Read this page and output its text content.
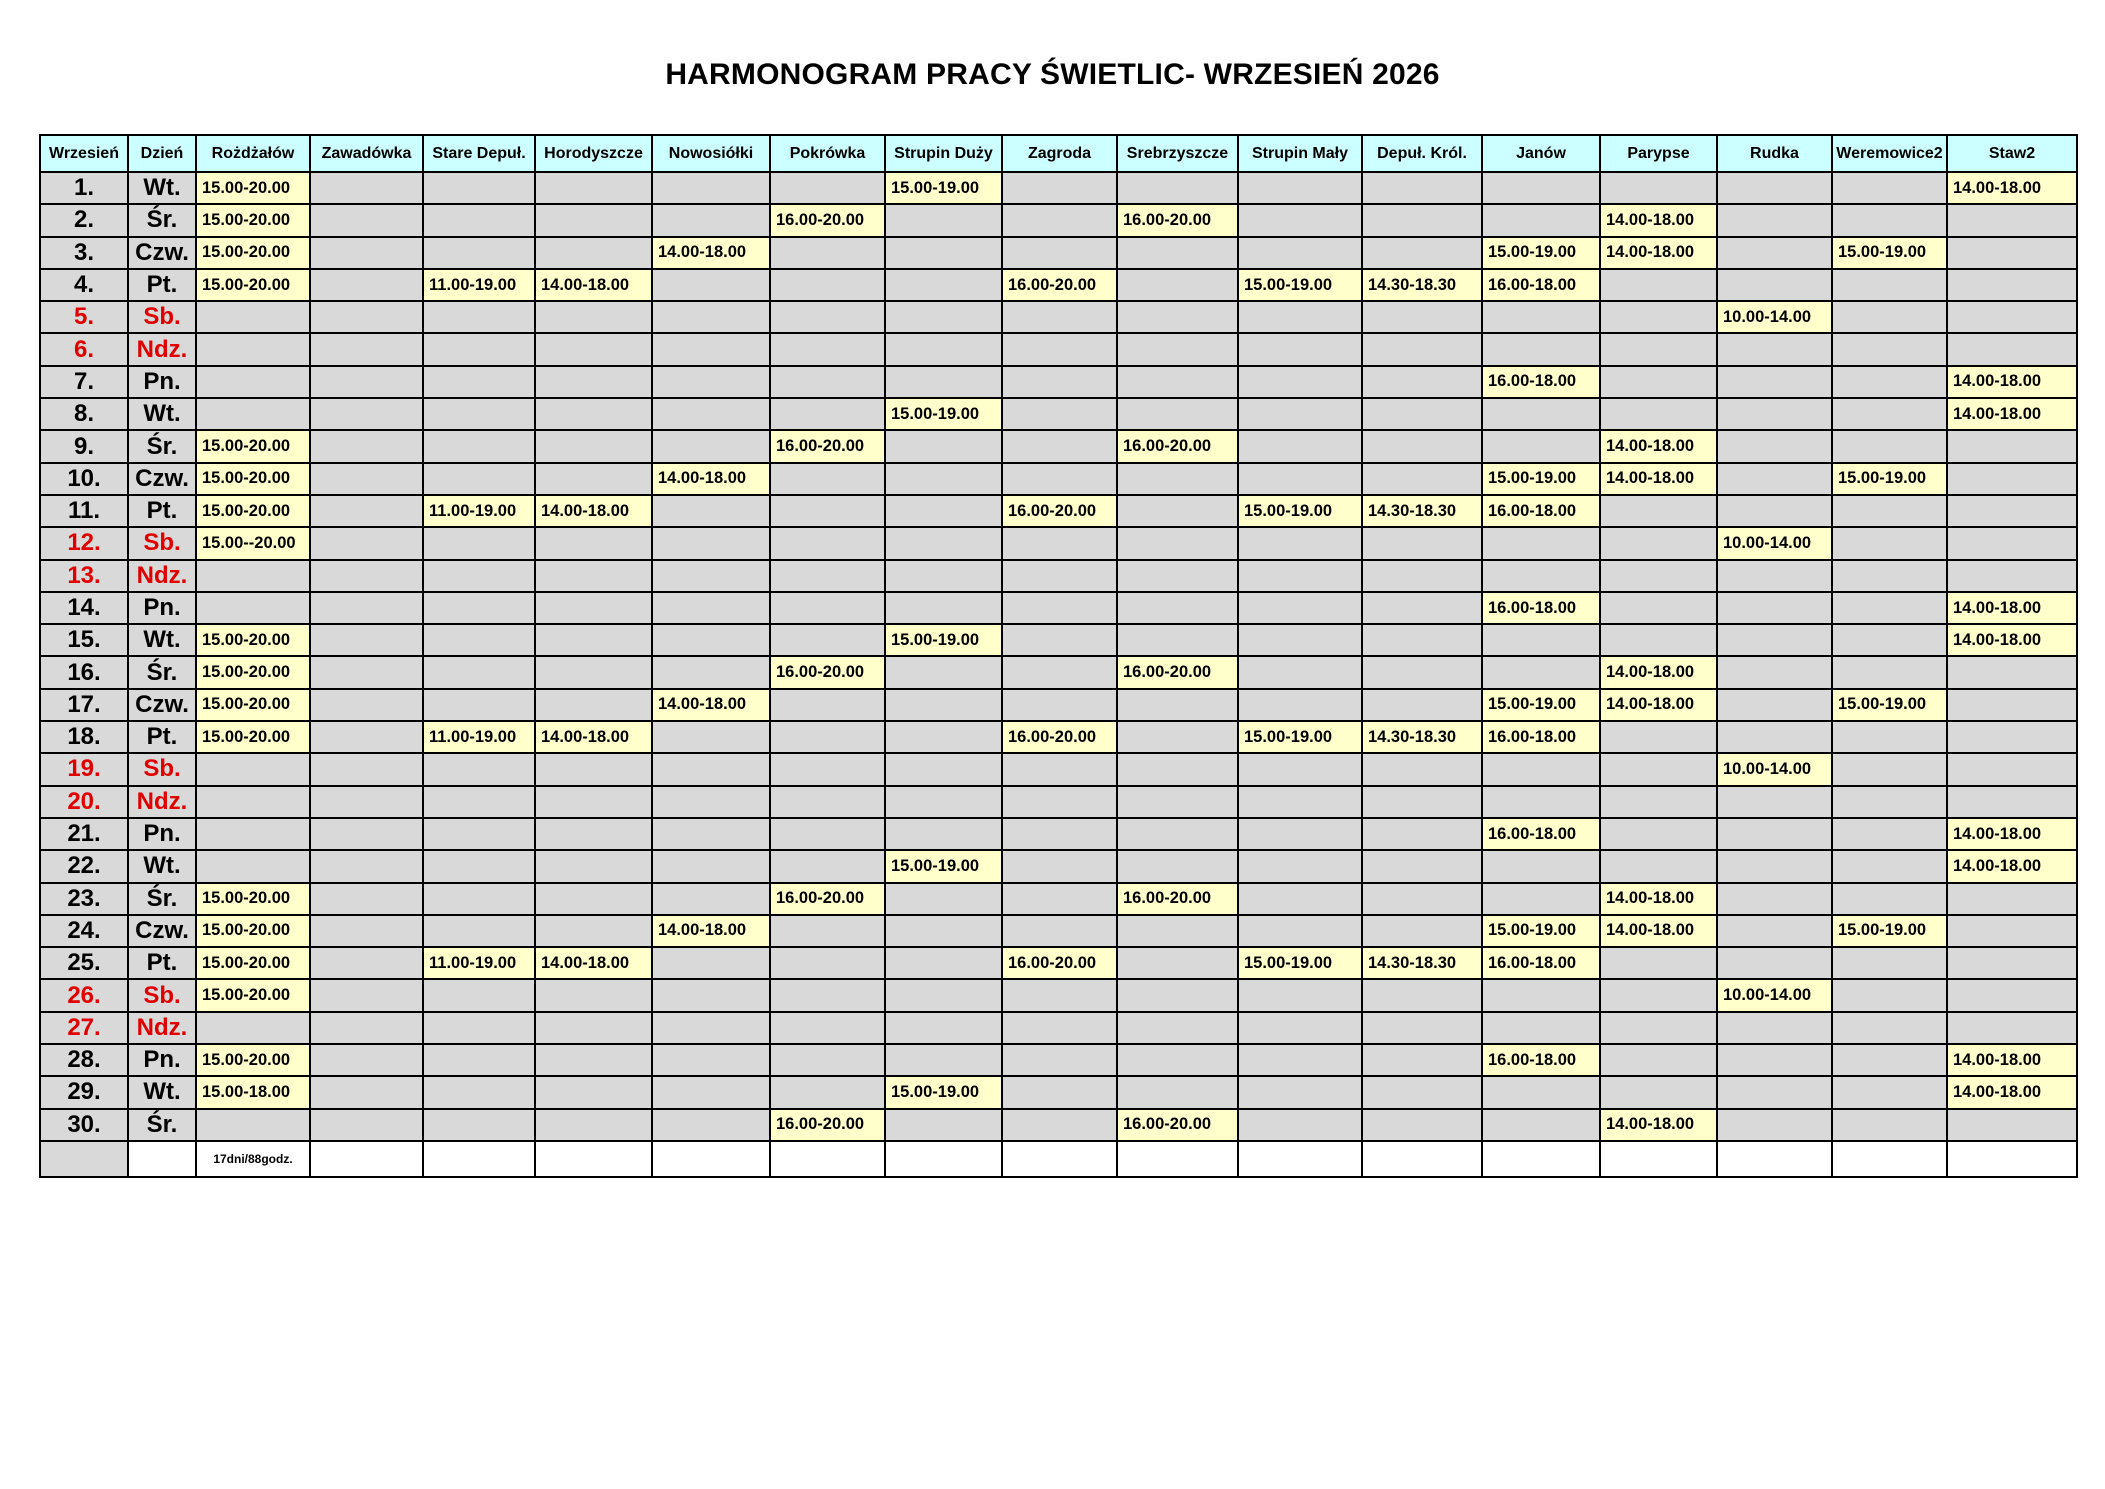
HARMONOGRAM PRACY ŚWIETLIC- WRZESIEŃ 2026
Wrzesień	Dzień	Rożdżałów	Zawadówka	Stare Depuł.	Horodyszcze	Nowosiółki	Pokrówka	Strupin Duży	Zagroda	Srebrzyszcze	Strupin Mały	Depuł. Król.	Janów	Parypse	Rudka	Weremowice2	Staw2
1.	Wt.	15.00-20.00						15.00-19.00									14.00-18.00
2.	Śr.	15.00-20.00					16.00-20.00			16.00-20.00				14.00-18.00			
3.	Czw.	15.00-20.00				14.00-18.00							15.00-19.00	14.00-18.00		15.00-19.00	
4.	Pt.	15.00-20.00		11.00-19.00	14.00-18.00				16.00-20.00		15.00-19.00	14.30-18.30	16.00-18.00				
5.	Sb.														10.00-14.00		
6.	Ndz.																
7.	Pn.												16.00-18.00				14.00-18.00
8.	Wt.							15.00-19.00									14.00-18.00
9.	Śr.	15.00-20.00					16.00-20.00			16.00-20.00				14.00-18.00			
10.	Czw.	15.00-20.00				14.00-18.00							15.00-19.00	14.00-18.00		15.00-19.00	
11.	Pt.	15.00-20.00		11.00-19.00	14.00-18.00				16.00-20.00		15.00-19.00	14.30-18.30	16.00-18.00				
12.	Sb.	15.00--20.00													10.00-14.00		
13.	Ndz.																
14.	Pn.												16.00-18.00				14.00-18.00
15.	Wt.	15.00-20.00						15.00-19.00									14.00-18.00
16.	Śr.	15.00-20.00					16.00-20.00			16.00-20.00				14.00-18.00			
17.	Czw.	15.00-20.00				14.00-18.00							15.00-19.00	14.00-18.00		15.00-19.00	
18.	Pt.	15.00-20.00		11.00-19.00	14.00-18.00				16.00-20.00		15.00-19.00	14.30-18.30	16.00-18.00				
19.	Sb.														10.00-14.00		
20.	Ndz.																
21.	Pn.												16.00-18.00				14.00-18.00
22.	Wt.							15.00-19.00									14.00-18.00
23.	Śr.	15.00-20.00					16.00-20.00			16.00-20.00				14.00-18.00			
24.	Czw.	15.00-20.00				14.00-18.00							15.00-19.00	14.00-18.00		15.00-19.00	
25.	Pt.	15.00-20.00		11.00-19.00	14.00-18.00				16.00-20.00		15.00-19.00	14.30-18.30	16.00-18.00				
26.	Sb.	15.00-20.00													10.00-14.00		
27.	Ndz.																
28.	Pn.	15.00-20.00											16.00-18.00				14.00-18.00
29.	Wt.	15.00-18.00						15.00-19.00									14.00-18.00
30.	Śr.						16.00-20.00			16.00-20.00				14.00-18.00			
		17dni/88godz.															
